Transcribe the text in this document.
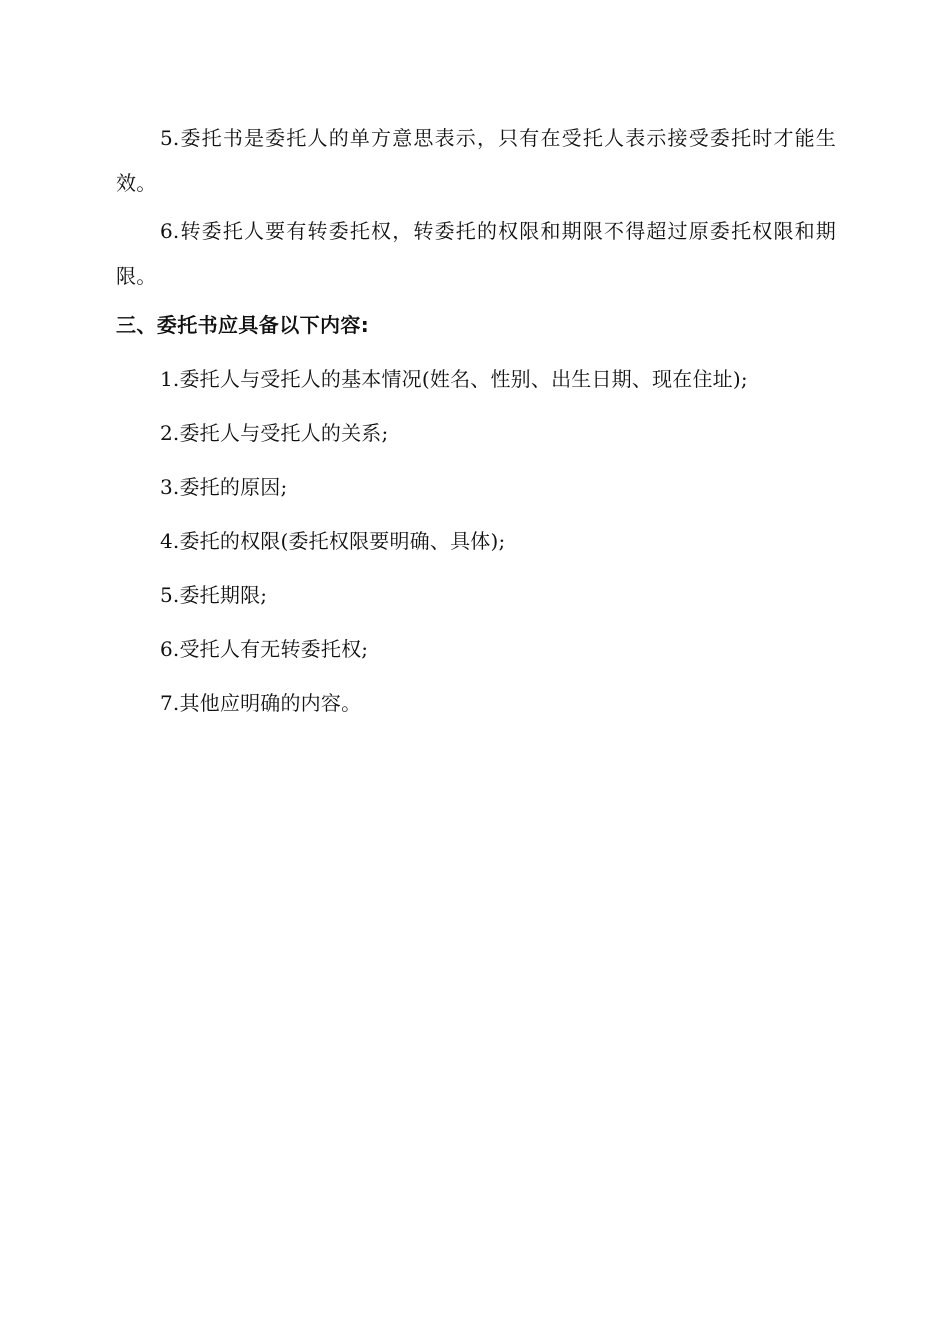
5.委托书是委托人的单方意思表示，只有在受托人表示接受委托时才能生效。

6.转委托人要有转委托权，转委托的权限和期限不得超过原委托权限和期限。

三、委托书应具备以下内容:
1.委托人与受托人的基本情况(姓名、性别、出生日期、现在住址);
2.委托人与受托人的关系;
3.委托的原因;
4.委托的权限(委托权限要明确、具体);
5.委托期限;
6.受托人有无转委托权;
7.其他应明确的内容。
